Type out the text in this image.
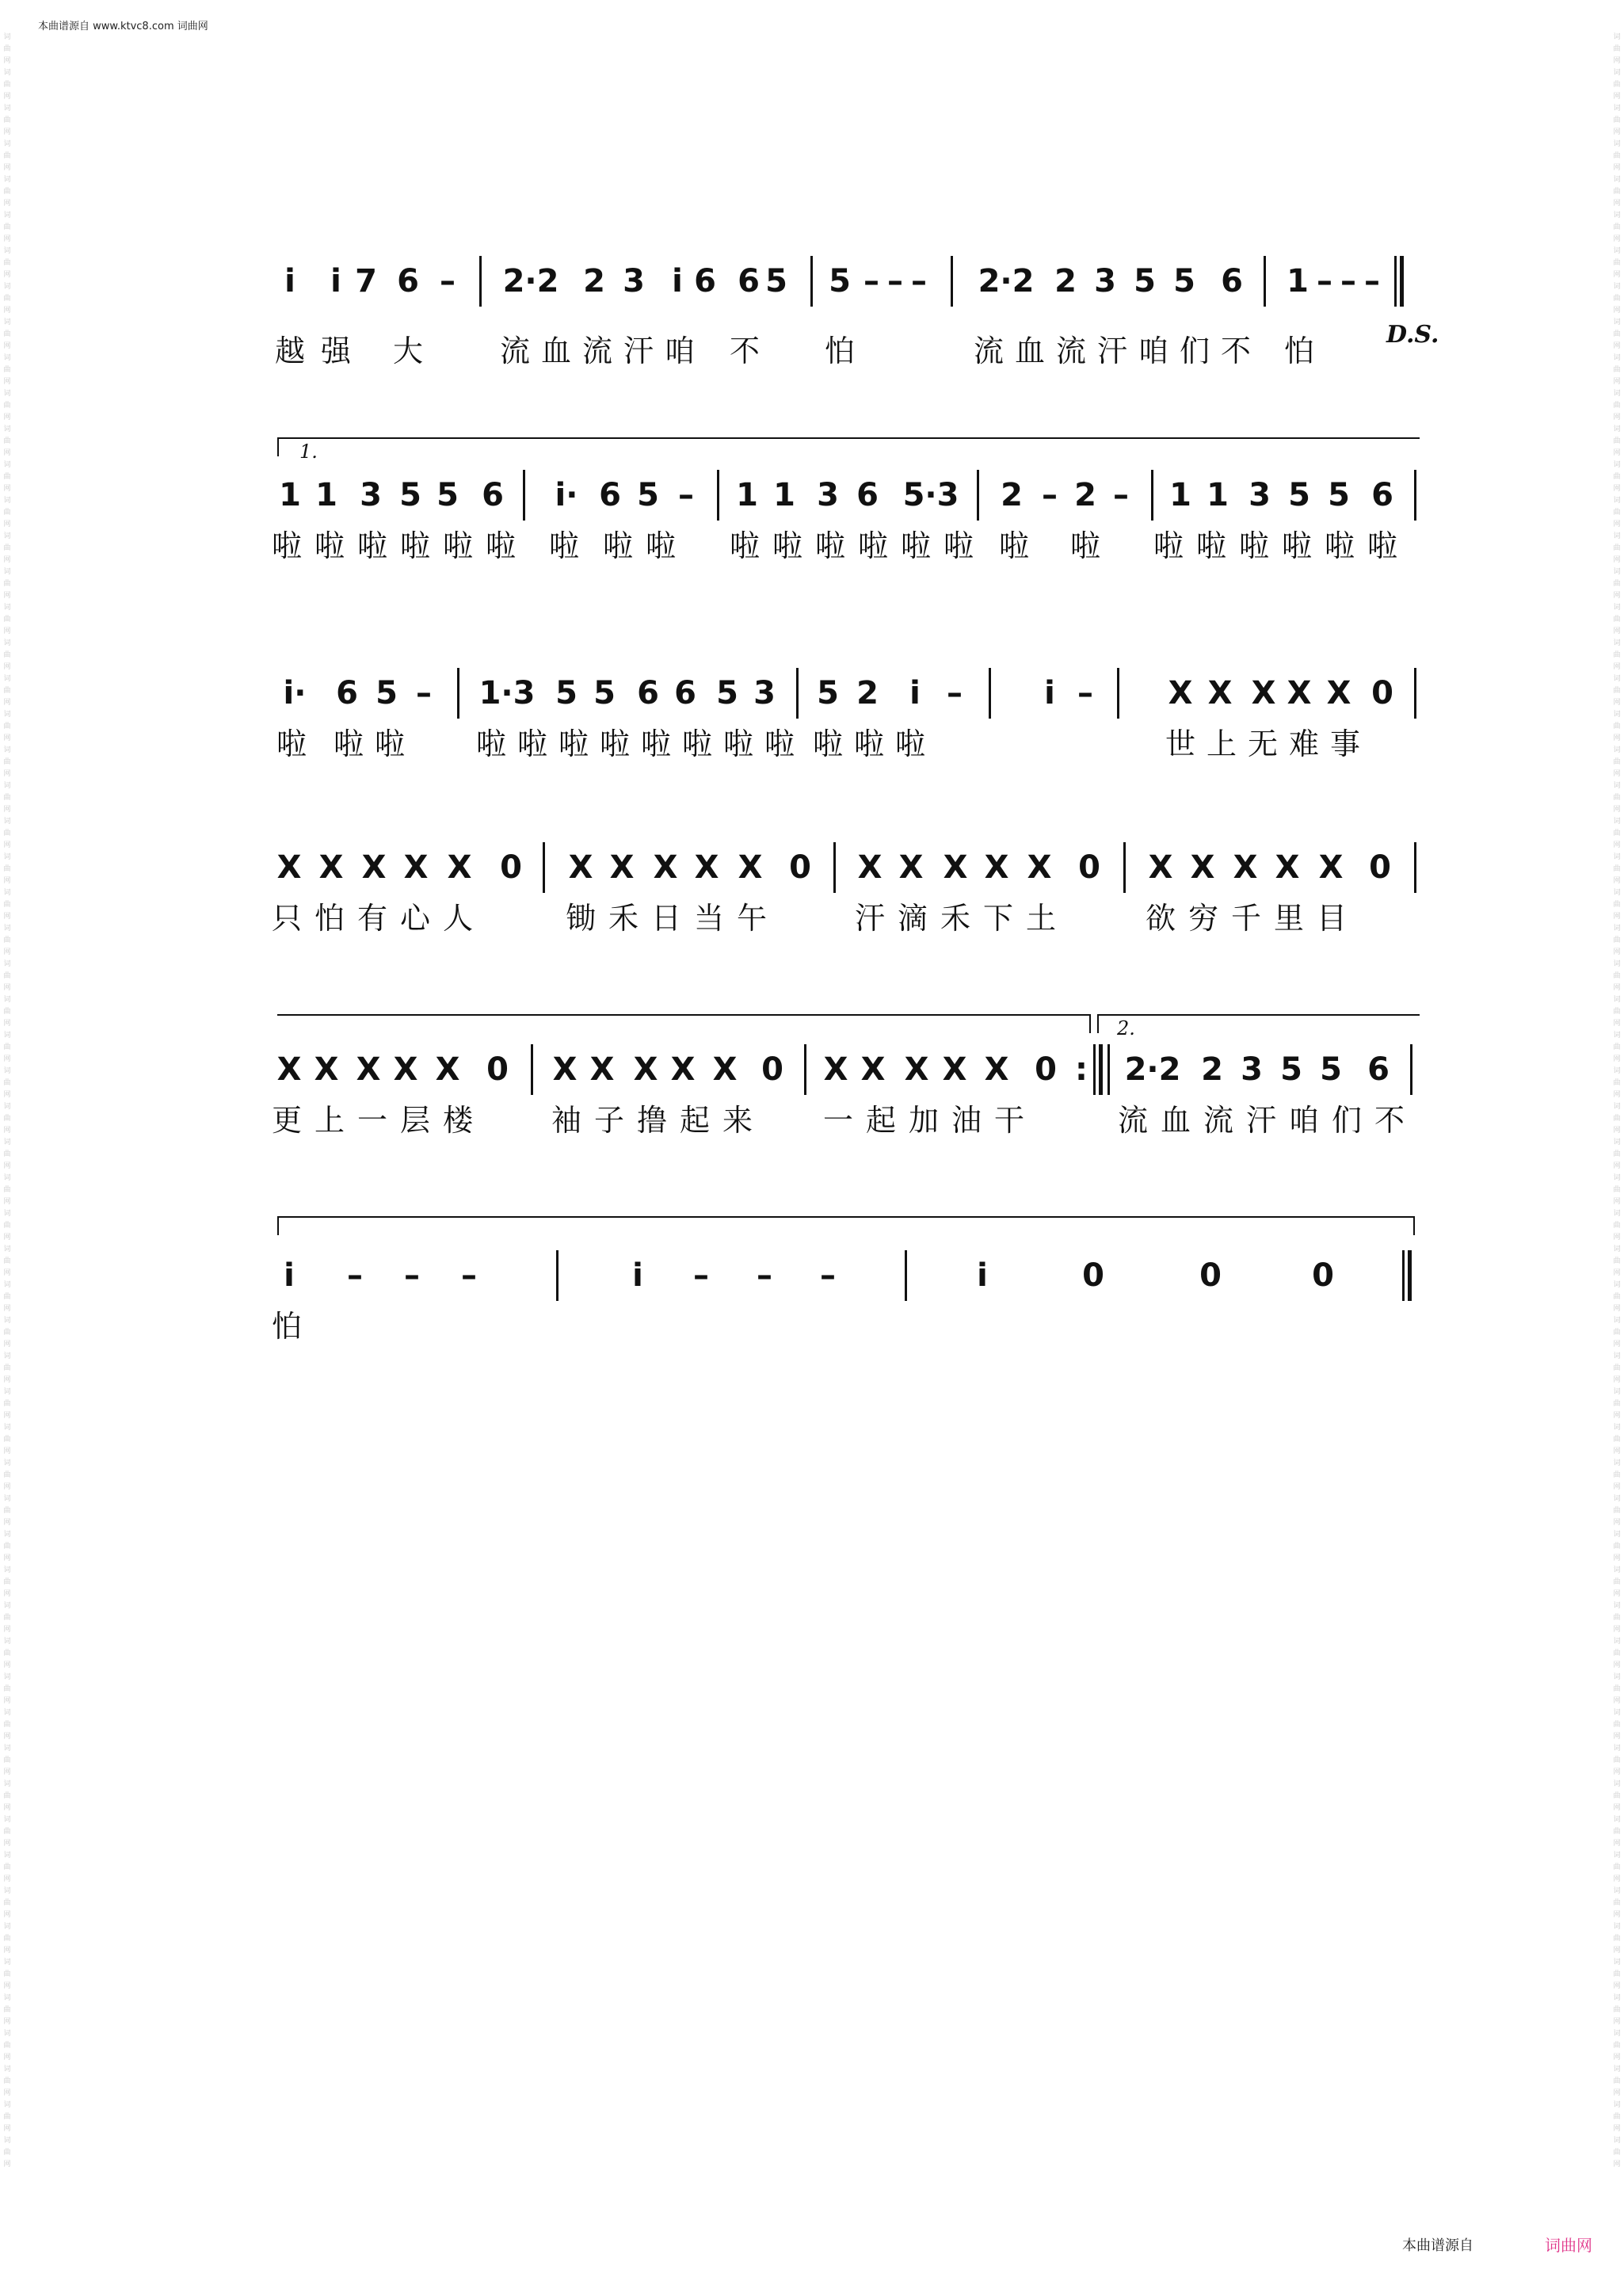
本曲谱源自 www.ktvc8.com 词曲网
词
曲
网
词
曲
网
词
曲
网
词
曲
网
词
曲
网
词
曲
网
词
曲
网
词
曲
网
词
曲
网
词
曲
网
词
曲
网
词
曲
网
词
曲
网
词
曲
网
词
曲
网
词
曲
网
词
曲
网
词
曲
网
词
曲
网
词
曲
网
词
曲
网
词
曲
网
词
曲
网
词
曲
网
词
曲
网
词
曲
网
词
曲
网
词
曲
网
词
曲
网
词
曲
网
词
曲
网
词
曲
网
词
曲
网
词
曲
网
词
曲
网
词
曲
网
词
曲
网
词
曲
网
词
曲
网
词
曲
网
词
曲
网
词
曲
网
词
曲
网
词
曲
网
词
曲
网
词
曲
网
词
曲
网
词
曲
网
词
曲
网
词
曲
网
词
曲
网
词
曲
网
词
曲
网
词
曲
网
词
曲
网
词
曲
网
词
曲
网
词
曲
网
词
曲
网
词
曲
网
词
曲
网
词
曲
网
词
曲
网
词
曲
网
词
曲
网
词
曲
网
词
曲
网
词
曲
网
词
曲
网
词
曲
网
词
曲
网
词
曲
网
词
曲
网
词
曲
网
词
曲
网
词
曲
网
词
曲
网
词
曲
网
词
曲
网
词
曲
网
词
曲
网
词
曲
网
词
曲
网
词
曲
网
词
曲
网
词
曲
网
词
曲
网
词
曲
网
词
曲
网
词
曲
网
词
曲
网
词
曲
网
词
曲
网
词
曲
网
词
曲
网
词
曲
网
词
曲
网
词
曲
网
词
曲
网
词
曲
网
词
曲
网
词
曲
网
词
曲
网
词
曲
网
词
曲
网
词
曲
网
词
曲
网
词
曲
网
词
曲
网
词
曲
网
词
曲
网
词
曲
网
词
曲
网
词
曲
网
词
曲
网
词
曲
网
词
曲
网
词
曲
网
词
曲
网
词
曲
网
i i 7 6 – 2·2 2 3 i 6 6 5 5 – – – 2·2 2 3 5 5 6 1 – – –
D.S.
越 强 大	流 血 流 汗 咱 不 怕	流 血 流 汗 咱 们 不 怕
1.
1 1 3 5 5 6 i· 6 5 – 1 1 3 6 5·3 2 – 2 – 1 1 3 5 5 6
啦 啦 啦 啦 啦 啦 啦 啦 啦 啦 啦 啦 啦 啦 啦 啦 啦 啦 啦 啦 啦 啦 啦
i· 6 5 – 1·3 5 5 6 6 5 3 5 2 i –	i – X X X X X 0
啦 啦 啦 啦 啦 啦 啦 啦 啦 啦 啦 啦 啦 啦	世 上 无 难 事
X X X X X 0 X X X X X 0 X X X X X 0 X X X X X 0
只 怕 有 心 人	锄 禾 日 当 午	汗 滴 禾 下 土	欲 穷 千 里 目
2.
X X X X X 0 X X X X X 0 X X X X X 0 : 2·2 2 3 5 5 6
更 上 一 层 楼	袖 子 撸 起 来 一 起 加 油 干	流 血 流 汗 咱 们 不
i – – –	i – – –	i	0	0	0
怕
本曲谱源自	词曲网
